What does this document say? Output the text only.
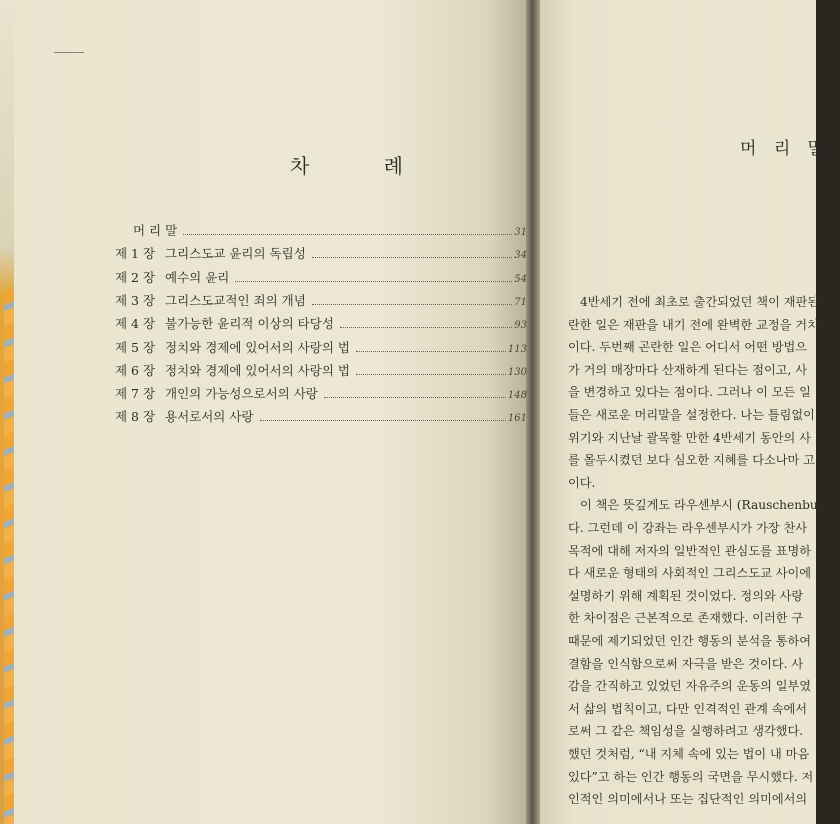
차 례
머 리 말	31
제 1 장 그리스도교 윤리의 독립성	34
제 2 장 예수의 윤리	54
제 3 장 그리스도교적인 죄의 개념	71
제 4 장 불가능한 윤리적 이상의 타당성	93
제 5 장 정치와 경제에 있어서의 사랑의 법	113
제 6 장 정치와 경제에 있어서의 사랑의 법	130
제 7 장 개인의 가능성으로서의 사랑	148
제 8 장 용서로서의 사랑	161
머 리 말
4반세기 전에 최초로 출간되었던 책이 재판된
란한 일은 재판을 내기 전에 완벽한 교정을 거치
이다. 두번째 곤란한 일은 어디서 어떤 방법으
가 거의 매장마다 산재하게 된다는 점이고, 사
을 변경하고 있다는 점이다. 그러나 이 모든 일
들은 새로운 머리말을 설정한다. 나는 틀림없이
위기와 지난날 괄목할 만한 4반세기 동안의 사
를 몰두시켰던 보다 심오한 지혜를 다소나마 고
이다.
이 책은 뜻깊게도 라우센부시 (Rauschenbus
다. 그런데 이 강좌는 라우센부시가 가장 찬사
목적에 대해 저자의 일반적인 관심도를 표명하
다 새로운 형태의 사회적인 그리스도교 사이에
설명하기 위해 계획된 것이었다. 정의와 사랑
한 차이점은 근본적으로 존재했다. 이러한 구
때문에 제기되었던 인간 행동의 분석을 통하여
결함을 인식함으로써 자극을 받은 것이다. 사
감을 간직하고 있었던 자유주의 운동의 일부였
서 삶의 법칙이고, 다만 인격적인 관계 속에서
로써 그 같은 책임성을 실행하려고 생각했다.
했던 것처럼, “내 지체 속에 있는 법이 내 마음
있다”고 하는 인간 행동의 국면을 무시했다. 저
인적인 의미에서나 또는 집단적인 의미에서의
